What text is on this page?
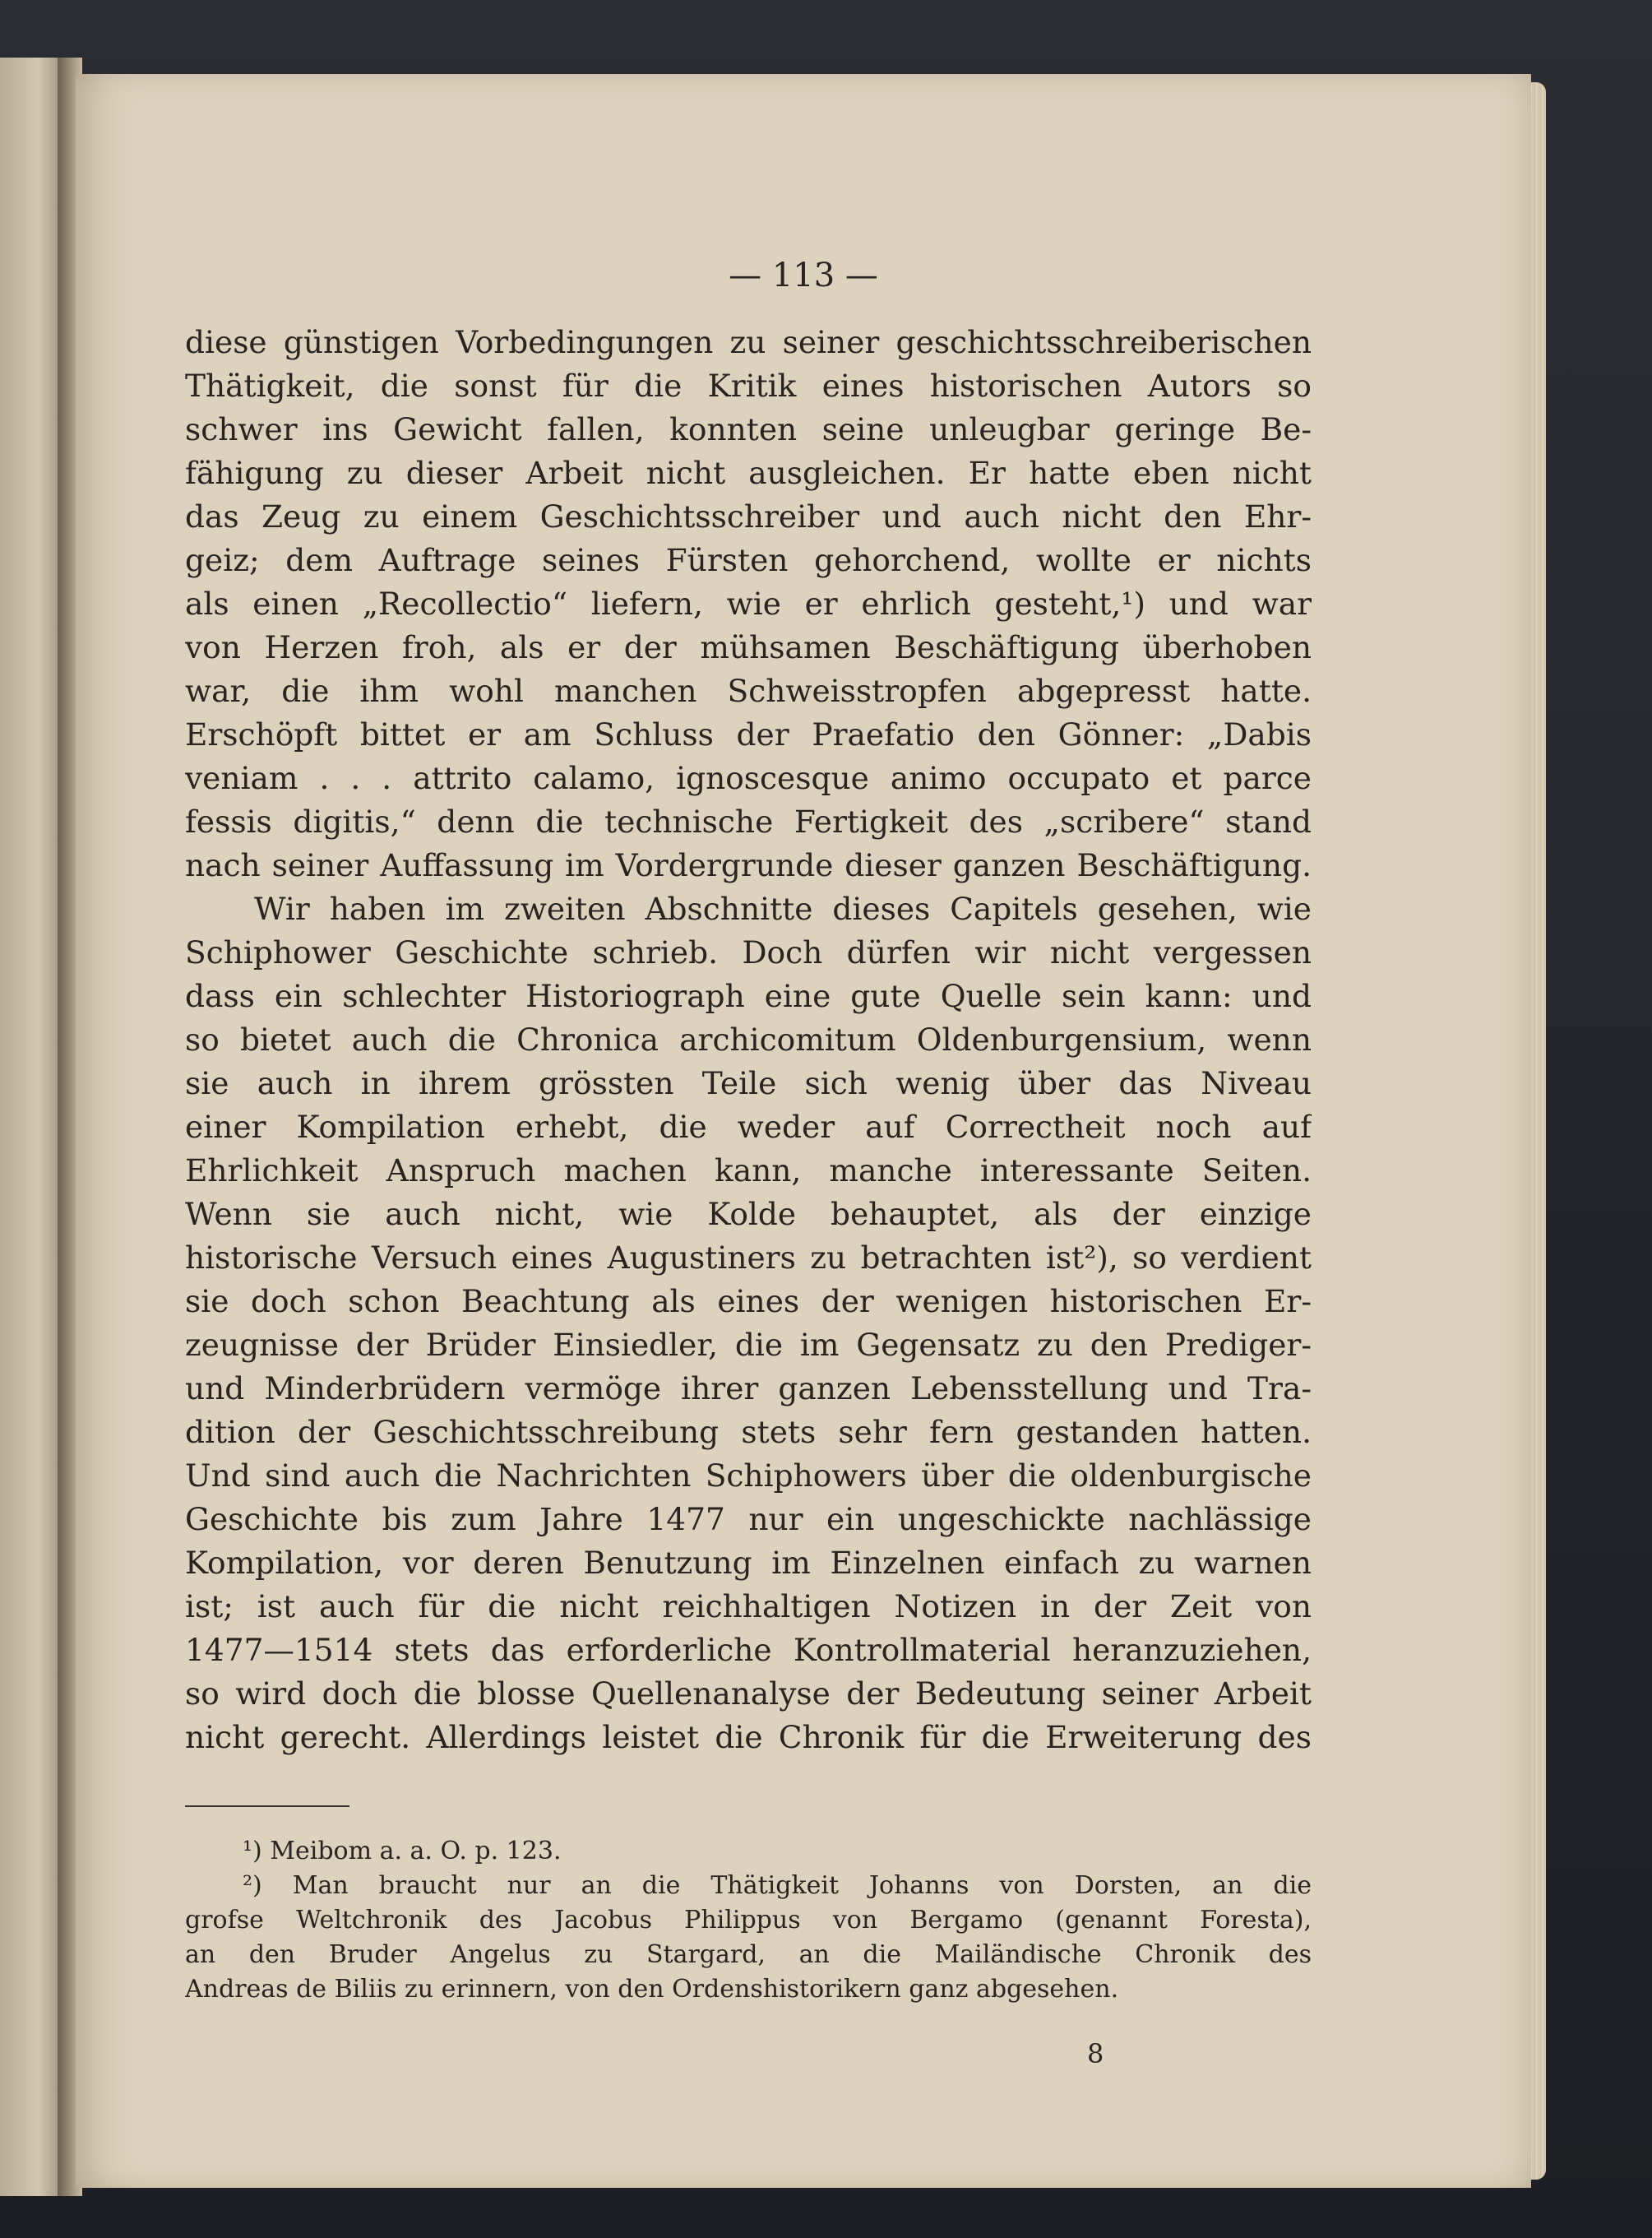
— 113 —
diese günstigen Vorbedingungen zu seiner geschichtsschreiberischen
Thätigkeit, die sonst für die Kritik eines historischen Autors so
schwer ins Gewicht fallen, konnten seine unleugbar geringe Be-
fähigung zu dieser Arbeit nicht ausgleichen. Er hatte eben nicht
das Zeug zu einem Geschichtsschreiber und auch nicht den Ehr-
geiz; dem Auftrage seines Fürsten gehorchend, wollte er nichts
als einen „Recollectio“ liefern, wie er ehrlich gesteht,¹) und war
von Herzen froh, als er der mühsamen Beschäftigung überhoben
war, die ihm wohl manchen Schweisstropfen abgepresst hatte.
Erschöpft bittet er am Schluss der Praefatio den Gönner: „Dabis
veniam . . . attrito calamo, ignoscesque animo occupato et parce
fessis digitis,“ denn die technische Fertigkeit des „scribere“ stand
nach seiner Auffassung im Vordergrunde dieser ganzen Beschäftigung.
Wir haben im zweiten Abschnitte dieses Capitels gesehen, wie
Schiphower Geschichte schrieb. Doch dürfen wir nicht vergessen
dass ein schlechter Historiograph eine gute Quelle sein kann: und
so bietet auch die Chronica archicomitum Oldenburgensium, wenn
sie auch in ihrem grössten Teile sich wenig über das Niveau
einer Kompilation erhebt, die weder auf Correctheit noch auf
Ehrlichkeit Anspruch machen kann, manche interessante Seiten.
Wenn sie auch nicht, wie Kolde behauptet, als der einzige
historische Versuch eines Augustiners zu betrachten ist²), so verdient
sie doch schon Beachtung als eines der wenigen historischen Er-
zeugnisse der Brüder Einsiedler, die im Gegensatz zu den Prediger-
und Minderbrüdern vermöge ihrer ganzen Lebensstellung und Tra-
dition der Geschichtsschreibung stets sehr fern gestanden hatten.
Und sind auch die Nachrichten Schiphowers über die oldenburgische
Geschichte bis zum Jahre 1477 nur ein ungeschickte nachlässige
Kompilation, vor deren Benutzung im Einzelnen einfach zu warnen
ist; ist auch für die nicht reichhaltigen Notizen in der Zeit von
1477—1514 stets das erforderliche Kontrollmaterial heranzuziehen,
so wird doch die blosse Quellenanalyse der Bedeutung seiner Arbeit
nicht gerecht. Allerdings leistet die Chronik für die Erweiterung des
¹) Meibom a. a. O. p. 123.
²) Man braucht nur an die Thätigkeit Johanns von Dorsten, an die
grofse Weltchronik des Jacobus Philippus von Bergamo (genannt Foresta),
an den Bruder Angelus zu Stargard, an die Mailändische Chronik des
Andreas de Biliis zu erinnern, von den Ordenshistorikern ganz abgesehen.
8
